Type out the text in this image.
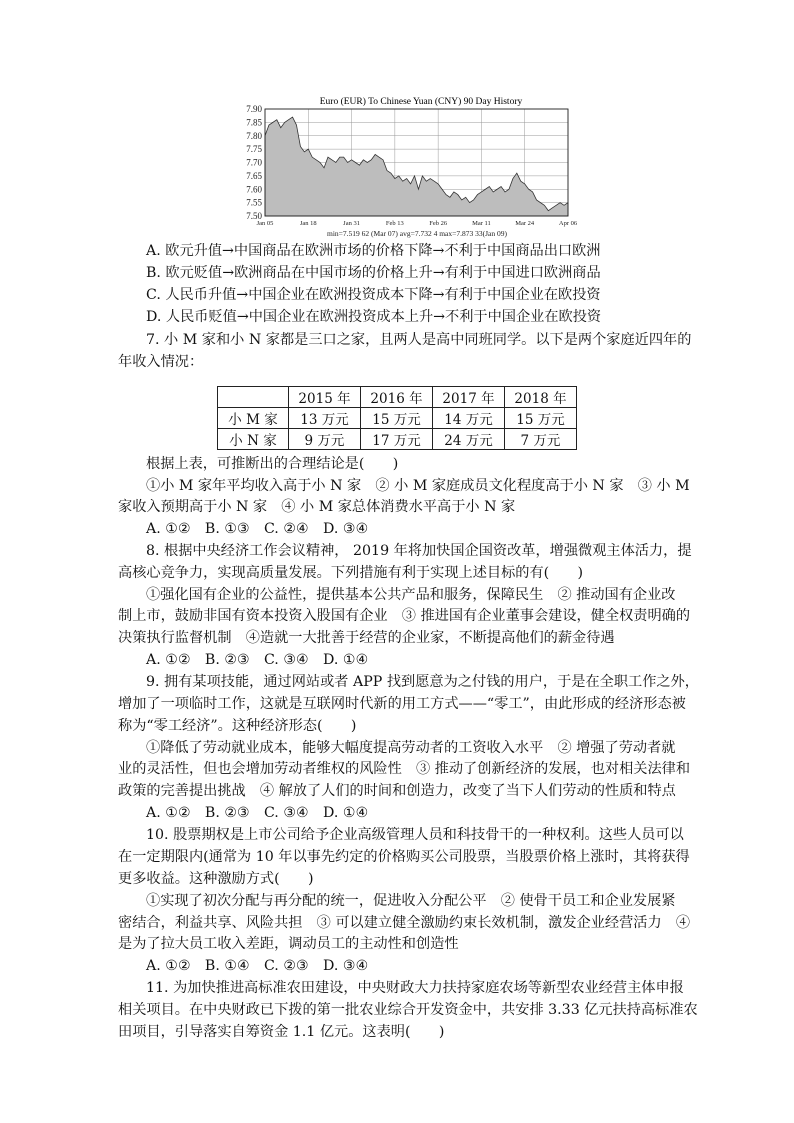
Euro (EUR) To Chinese Yuan (CNY) 90 Day History
7.90
7.85
7.80
7.75
7.70
7.65
7.60
7.55
7.50
Jan 05	Jan 18	Jan 31	Feb 13	Feb 26	Mar 11	Mar 24	Apr 06
min=7.519 62 (Mar 07) avg=7.732 4 max=7.873 33(Jan 09)
A. 欧元升值→中国商品在欧洲市场的价格下降→不利于中国商品出口欧洲
B. 欧元贬值→欧洲商品在中国市场的价格上升→有利于中国进口欧洲商品
C. 人民币升值→中国企业在欧洲投资成本下降→有利于中国企业在欧投资
D. 人民币贬值→中国企业在欧洲投资成本上升→不利于中国企业在欧投资
7. 小 M 家和小 N 家都是三口之家，且两人是高中同班同学。以下是两个家庭近四年的
年收入情况：
	2015 年	2016 年	2017 年	2018 年
小 M 家	13 万元	15 万元	14 万元	15 万元
小 N 家	9 万元	17 万元	24 万元	7 万元
根据上表，可推断出的合理结论是(　　)
①小 M 家年平均收入高于小 N 家　② 小 M 家庭成员文化程度高于小 N 家　③ 小 M
家收入预期高于小 N 家　④ 小 M 家总体消费水平高于小 N 家
A. ①②　B. ①③　C. ②④　D. ③④
8. 根据中央经济工作会议精神， 2019 年将加快国企国资改革，增强微观主体活力，提
高核心竞争力，实现高质量发展。下列措施有利于实现上述目标的有(　　)
①强化国有企业的公益性，提供基本公共产品和服务，保障民生　② 推动国有企业改
制上市，鼓励非国有资本投资入股国有企业　③ 推进国有企业董事会建设，健全权责明确的
决策执行监督机制　④造就一大批善于经营的企业家，不断提高他们的薪金待遇
A. ①②　B. ②③　C. ③④　D. ①④
9. 拥有某项技能，通过网站或者 APP 找到愿意为之付钱的用户，于是在全职工作之外，
增加了一项临时工作，这就是互联网时代新的用工方式——“零工”，由此形成的经济形态被
称为“零工经济”。这种经济形态(　　)
①降低了劳动就业成本，能够大幅度提高劳动者的工资收入水平　② 增强了劳动者就
业的灵活性，但也会增加劳动者维权的风险性　③ 推动了创新经济的发展，也对相关法律和
政策的完善提出挑战　④ 解放了人们的时间和创造力，改变了当下人们劳动的性质和特点
A. ①②　B. ②③　C. ③④　D. ①④
10. 股票期权是上市公司给予企业高级管理人员和科技骨干的一种权利。这些人员可以
在一定期限内(通常为 10 年以事先约定的价格购买公司股票，当股票价格上涨时，其将获得
更多收益。这种激励方式(　　)
①实现了初次分配与再分配的统一，促进收入分配公平　② 使骨干员工和企业发展紧
密结合，利益共享、风险共担　③ 可以建立健全激励约束长效机制，激发企业经营活力　④
是为了拉大员工收入差距，调动员工的主动性和创造性
A. ①②　B. ①④　C. ②③　D. ③④
11. 为加快推进高标准农田建设，中央财政大力扶持家庭农场等新型农业经营主体申报
相关项目。在中央财政已下拨的第一批农业综合开发资金中，共安排 3.33 亿元扶持高标准农
田项目，引导落实自筹资金 1.1 亿元。这表明(　　)
